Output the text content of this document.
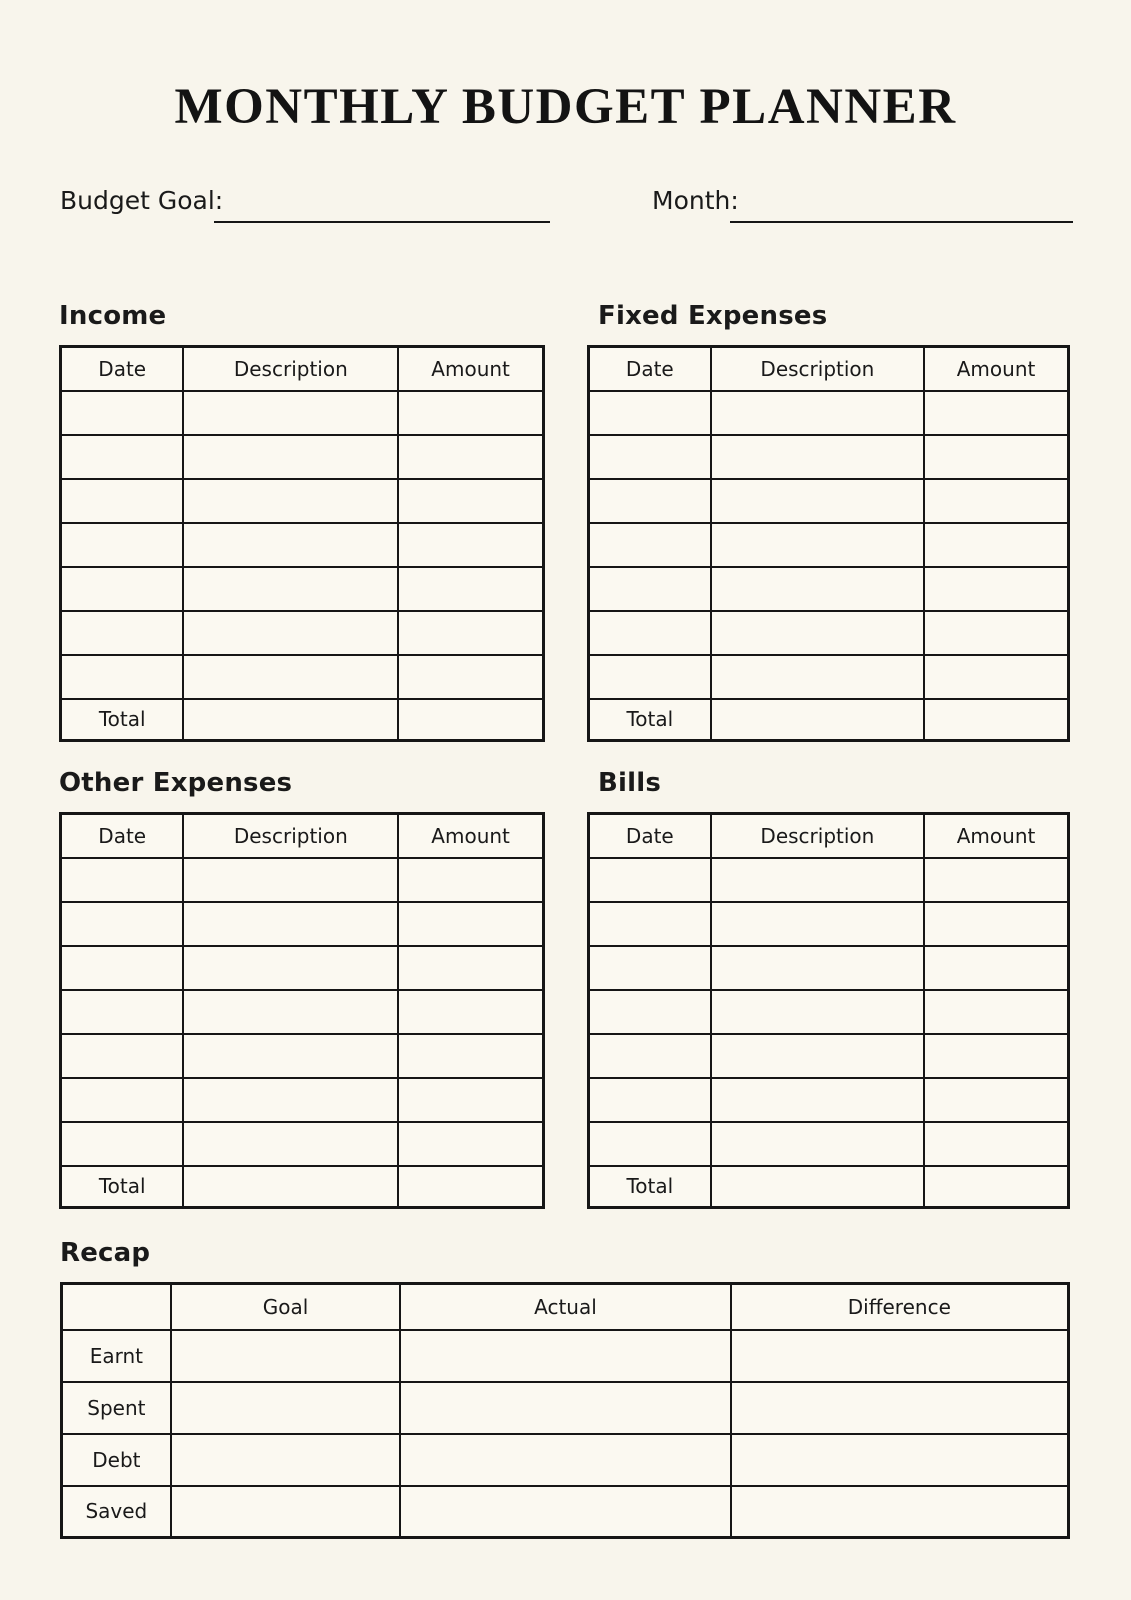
MONTHLY BUDGET PLANNER

Budget Goal:	Month:

Income
Date	Description	Amount

Total		
Fixed Expenses
Date	Description	Amount

Total		
Other Expenses
Date	Description	Amount

Total		
Bills
Date	Description	Amount

Total		
Recap
	Goal	Actual	Difference
Earnt			
Spent			
Debt			
Saved			
